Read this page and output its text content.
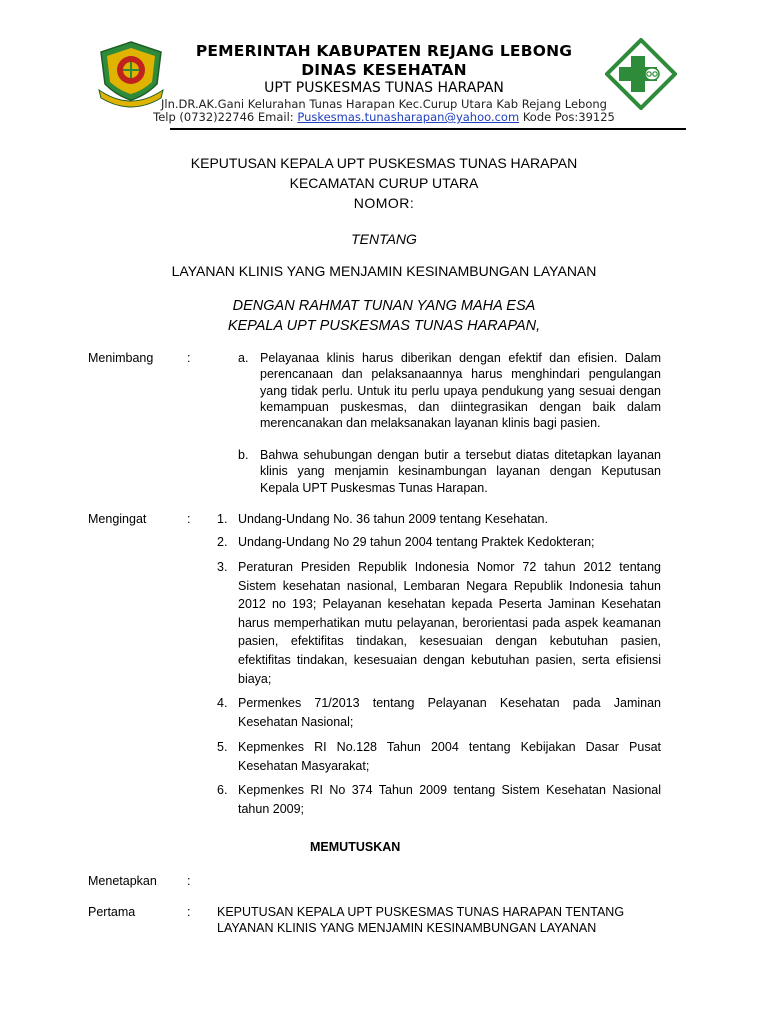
PEMERINTAH KABUPATEN REJANG LEBONG
DINAS KESEHATAN
UPT PUSKESMAS TUNAS HARAPAN
Jln.DR.AK.Gani Kelurahan Tunas Harapan Kec.Curup Utara Kab Rejang Lebong
Telp (0732)22746 Email: Puskesmas.tunasharapan@yahoo.com Kode Pos:39125
KEPUTUSAN KEPALA UPT PUSKESMAS TUNAS HARAPAN
KECAMATAN CURUP UTARA
NOMOR:
TENTANG
LAYANAN KLINIS YANG MENJAMIN KESINAMBUNGAN LAYANAN
DENGAN RAHMAT TUNAN YANG MAHA ESA
KEPALA UPT PUSKESMAS TUNAS HARAPAN,
Menimbang	:	a. Pelayanaa klinis harus diberikan dengan efektif dan efisien. Dalam perencanaan dan pelaksanaannya harus menghindari pengulangan yang tidak perlu. Untuk itu perlu upaya pendukung yang sesuai dengan kemampuan puskesmas, dan diintegrasikan dengan baik dalam merencanakan dan melaksanakan layanan klinis bagi pasien.

b. Bahwa sehubungan dengan butir a tersebut diatas ditetapkan layanan klinis yang menjamin kesinambungan layanan dengan Keputusan Kepala UPT Puskesmas Tunas Harapan.

Mengingat	: 1. Undang-Undang No. 36 tahun 2009 tentang Kesehatan.

2. Undang-Undang No 29 tahun 2004 tentang Praktek Kedokteran;

3. Peraturan Presiden Republik Indonesia Nomor 72 tahun 2012 tentang Sistem kesehatan nasional, Lembaran Negara Republik Indonesia tahun 2012 no 193; Pelayanan kesehatan kepada Peserta Jaminan Kesehatan harus memperhatikan mutu pelayanan, berorientasi pada aspek keamanan pasien, efektifitas tindakan, kesesuaian dengan kebutuhan pasien, efektifitas tindakan, kesesuaian dengan kebutuhan pasien, serta efisiensi biaya;

4. Permenkes 71/2013 tentang Pelayanan Kesehatan pada Jaminan Kesehatan Nasional;

5. Kepmenkes RI No.128 Tahun 2004 tentang Kebijakan Dasar Pusat Kesehatan Masyarakat;

6. Kepmenkes RI No 374 Tahun 2009 tentang Sistem Kesehatan Nasional tahun 2009;

MEMUTUSKAN
Menetapkan :
Pertama	: KEPUTUSAN KEPALA UPT PUSKESMAS TUNAS HARAPAN TENTANG LAYANAN KLINIS YANG MENJAMIN KESINAMBUNGAN LAYANAN
